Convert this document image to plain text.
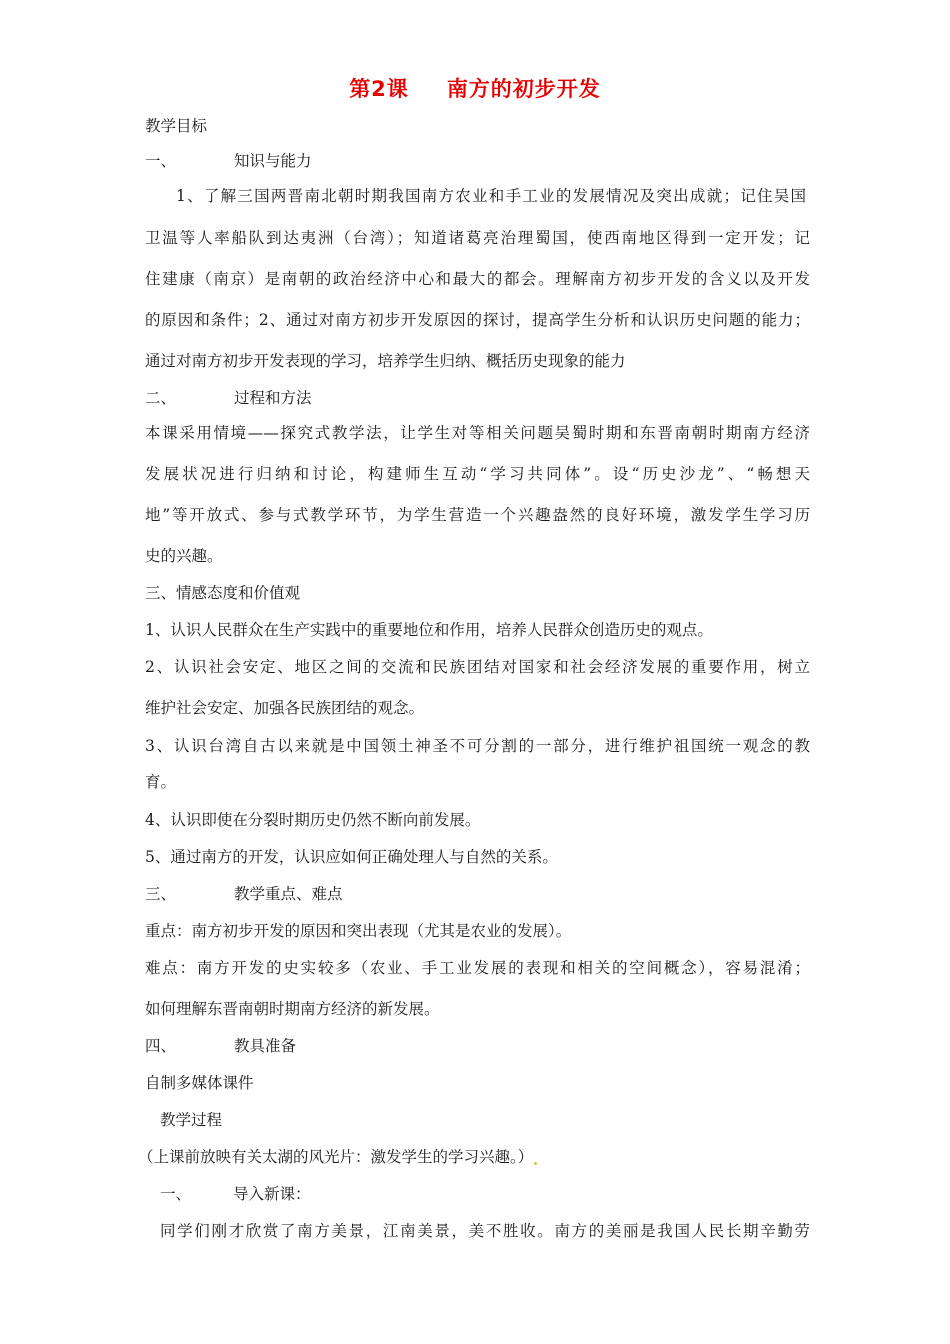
第2课 南方的初步开发
教学目标
一、	知识与能力
1、了解三国两晋南北朝时期我国南方农业和手工业的发展情况及突出成就；记住吴国
卫温等人率船队到达夷洲（台湾）；知道诸葛亮治理蜀国，使西南地区得到一定开发；记
住建康（南京）是南朝的政治经济中心和最大的都会。理解南方初步开发的含义以及开发
的原因和条件；2、通过对南方初步开发原因的探讨，提高学生分析和认识历史问题的能力；
通过对南方初步开发表现的学习，培养学生归纳、概括历史现象的能力
二、	过程和方法
本课采用情境——探究式教学法，让学生对等相关问题吴蜀时期和东晋南朝时期南方经济
发展状况进行归纳和讨论，构建师生互动“学习共同体”。设“历史沙龙”、“畅想天
地”等开放式、参与式教学环节，为学生营造一个兴趣盎然的良好环境，激发学生学习历
史的兴趣。
三、情感态度和价值观
1、认识人民群众在生产实践中的重要地位和作用，培养人民群众创造历史的观点。
2、认识社会安定、地区之间的交流和民族团结对国家和社会经济发展的重要作用，树立
维护社会安定、加强各民族团结的观念。
3、认识台湾自古以来就是中国领土神圣不可分割的一部分，进行维护祖国统一观念的教
育。
4、认识即使在分裂时期历史仍然不断向前发展。
5、通过南方的开发，认识应如何正确处理人与自然的关系。
三、	教学重点、难点
重点：南方初步开发的原因和突出表现（尤其是农业的发展）。
难点：南方开发的史实较多（农业、手工业发展的表现和相关的空间概念），容易混淆；
如何理解东晋南朝时期南方经济的新发展。
四、	教具准备
自制多媒体课件
教学过程
（上课前放映有关太湖的风光片：激发学生的学习兴趣。）
一、	导入新课：
同学们刚才欣赏了南方美景，江南美景，美不胜收。南方的美丽是我国人民长期辛勤劳
